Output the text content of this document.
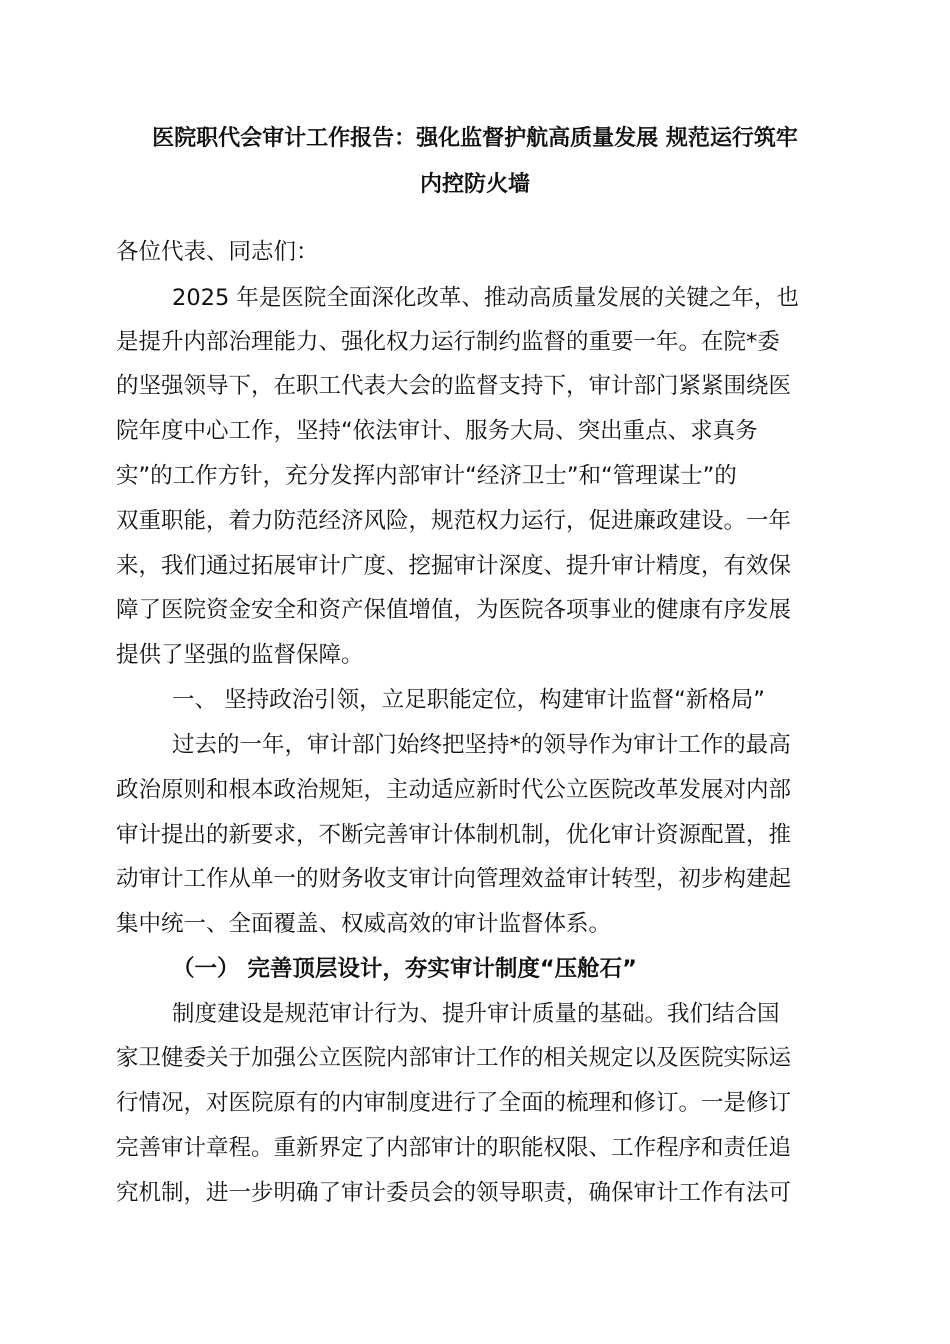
医院职代会审计工作报告：强化监督护航高质量发展 规范运行筑牢

内控防火墙

各位代表、同志们：

2025 年是医院全面深化改革、推动高质量发展的关键之年，也

是提升内部治理能力、强化权力运行制约监督的重要一年。在院*委

的坚强领导下，在职工代表大会的监督支持下，审计部门紧紧围绕医

院年度中心工作，坚持“依法审计、服务大局、突出重点、求真务

实”的工作方针，充分发挥内部审计“经济卫士”和“管理谋士”的

双重职能，着力防范经济风险，规范权力运行，促进廉政建设。一年

来，我们通过拓展审计广度、挖掘审计深度、提升审计精度，有效保

障了医院资金安全和资产保值增值，为医院各项事业的健康有序发展

提供了坚强的监督保障。

一、 坚持政治引领，立足职能定位，构建审计监督“新格局”

过去的一年，审计部门始终把坚持*的领导作为审计工作的最高

政治原则和根本政治规矩，主动适应新时代公立医院改革发展对内部

审计提出的新要求，不断完善审计体制机制，优化审计资源配置，推

动审计工作从单一的财务收支审计向管理效益审计转型，初步构建起

集中统一、全面覆盖、权威高效的审计监督体系。

（一） 完善顶层设计，夯实审计制度“压舱石”

制度建设是规范审计行为、提升审计质量的基础。我们结合国

家卫健委关于加强公立医院内部审计工作的相关规定以及医院实际运

行情况，对医院原有的内审制度进行了全面的梳理和修订。一是修订

完善审计章程。重新界定了内部审计的职能权限、工作程序和责任追

究机制，进一步明确了审计委员会的领导职责，确保审计工作有法可
